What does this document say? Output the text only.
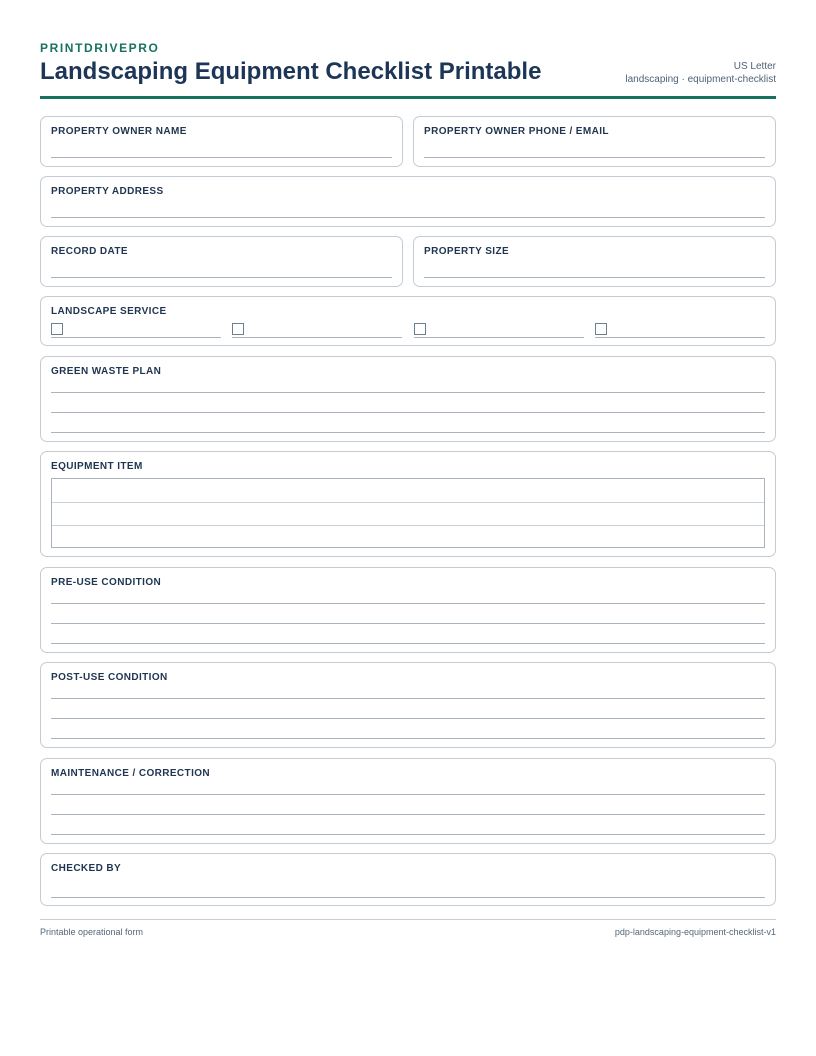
PRINTDRIVEPRO
Landscaping Equipment Checklist Printable	US Letter
landscaping · equipment-checklist
PROPERTY OWNER NAME	PROPERTY OWNER PHONE / EMAIL
PROPERTY ADDRESS
RECORD DATE	PROPERTY SIZE
LANDSCAPE SERVICE
GREEN WASTE PLAN
EQUIPMENT ITEM
PRE-USE CONDITION
POST-USE CONDITION
MAINTENANCE / CORRECTION
CHECKED BY
Printable operational form	pdp-landscaping-equipment-checklist-v1
